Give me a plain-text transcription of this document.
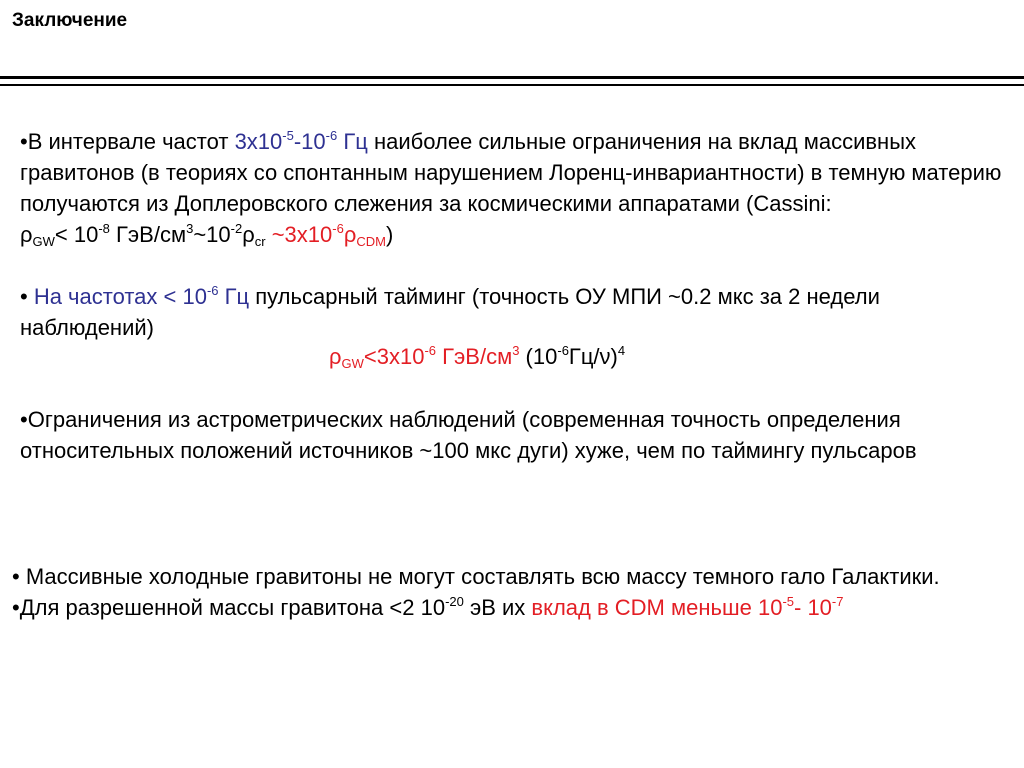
Заключение

•В интервале частот $3x10^{-5}-10^{-6}$ Гц наиболее сильные ограничения на вклад массивных гравитонов (в теориях со спонтанным нарушением Лоренц-инвариантности) в темную материю получаются из Доплеровского слежения за космическими аппаратами (Cassini: $\rho_{GW}< 10^{-8}$ ГэВ/$см^3\sim 10^{-2}\rho_{cr}$ $\sim 3x10^{-6}\rho_{CDM}$)

• На частотах < $10^{-6}$ Гц пульсарный тайминг (точность ОУ МПИ ~0.2 мкс за 2 недели наблюдений)

$\rho_{GW}<3x10^{-6}$ ГэВ/$см^3$ $(10^{-6}Гц/\nu)^4$

•Ограничения из астрометрических наблюдений (современная точность определения относительных положений источников ~100 мкс дуги) хуже, чем по таймингу пульсаров

• Массивные холодные гравитоны не могут составлять всю массу темного гало Галактики.
•Для разрешенной массы гравитона <2 $10^{-20}$ эВ их вклад в CDM меньше $10^{-5}-$ $10^{-7}$
